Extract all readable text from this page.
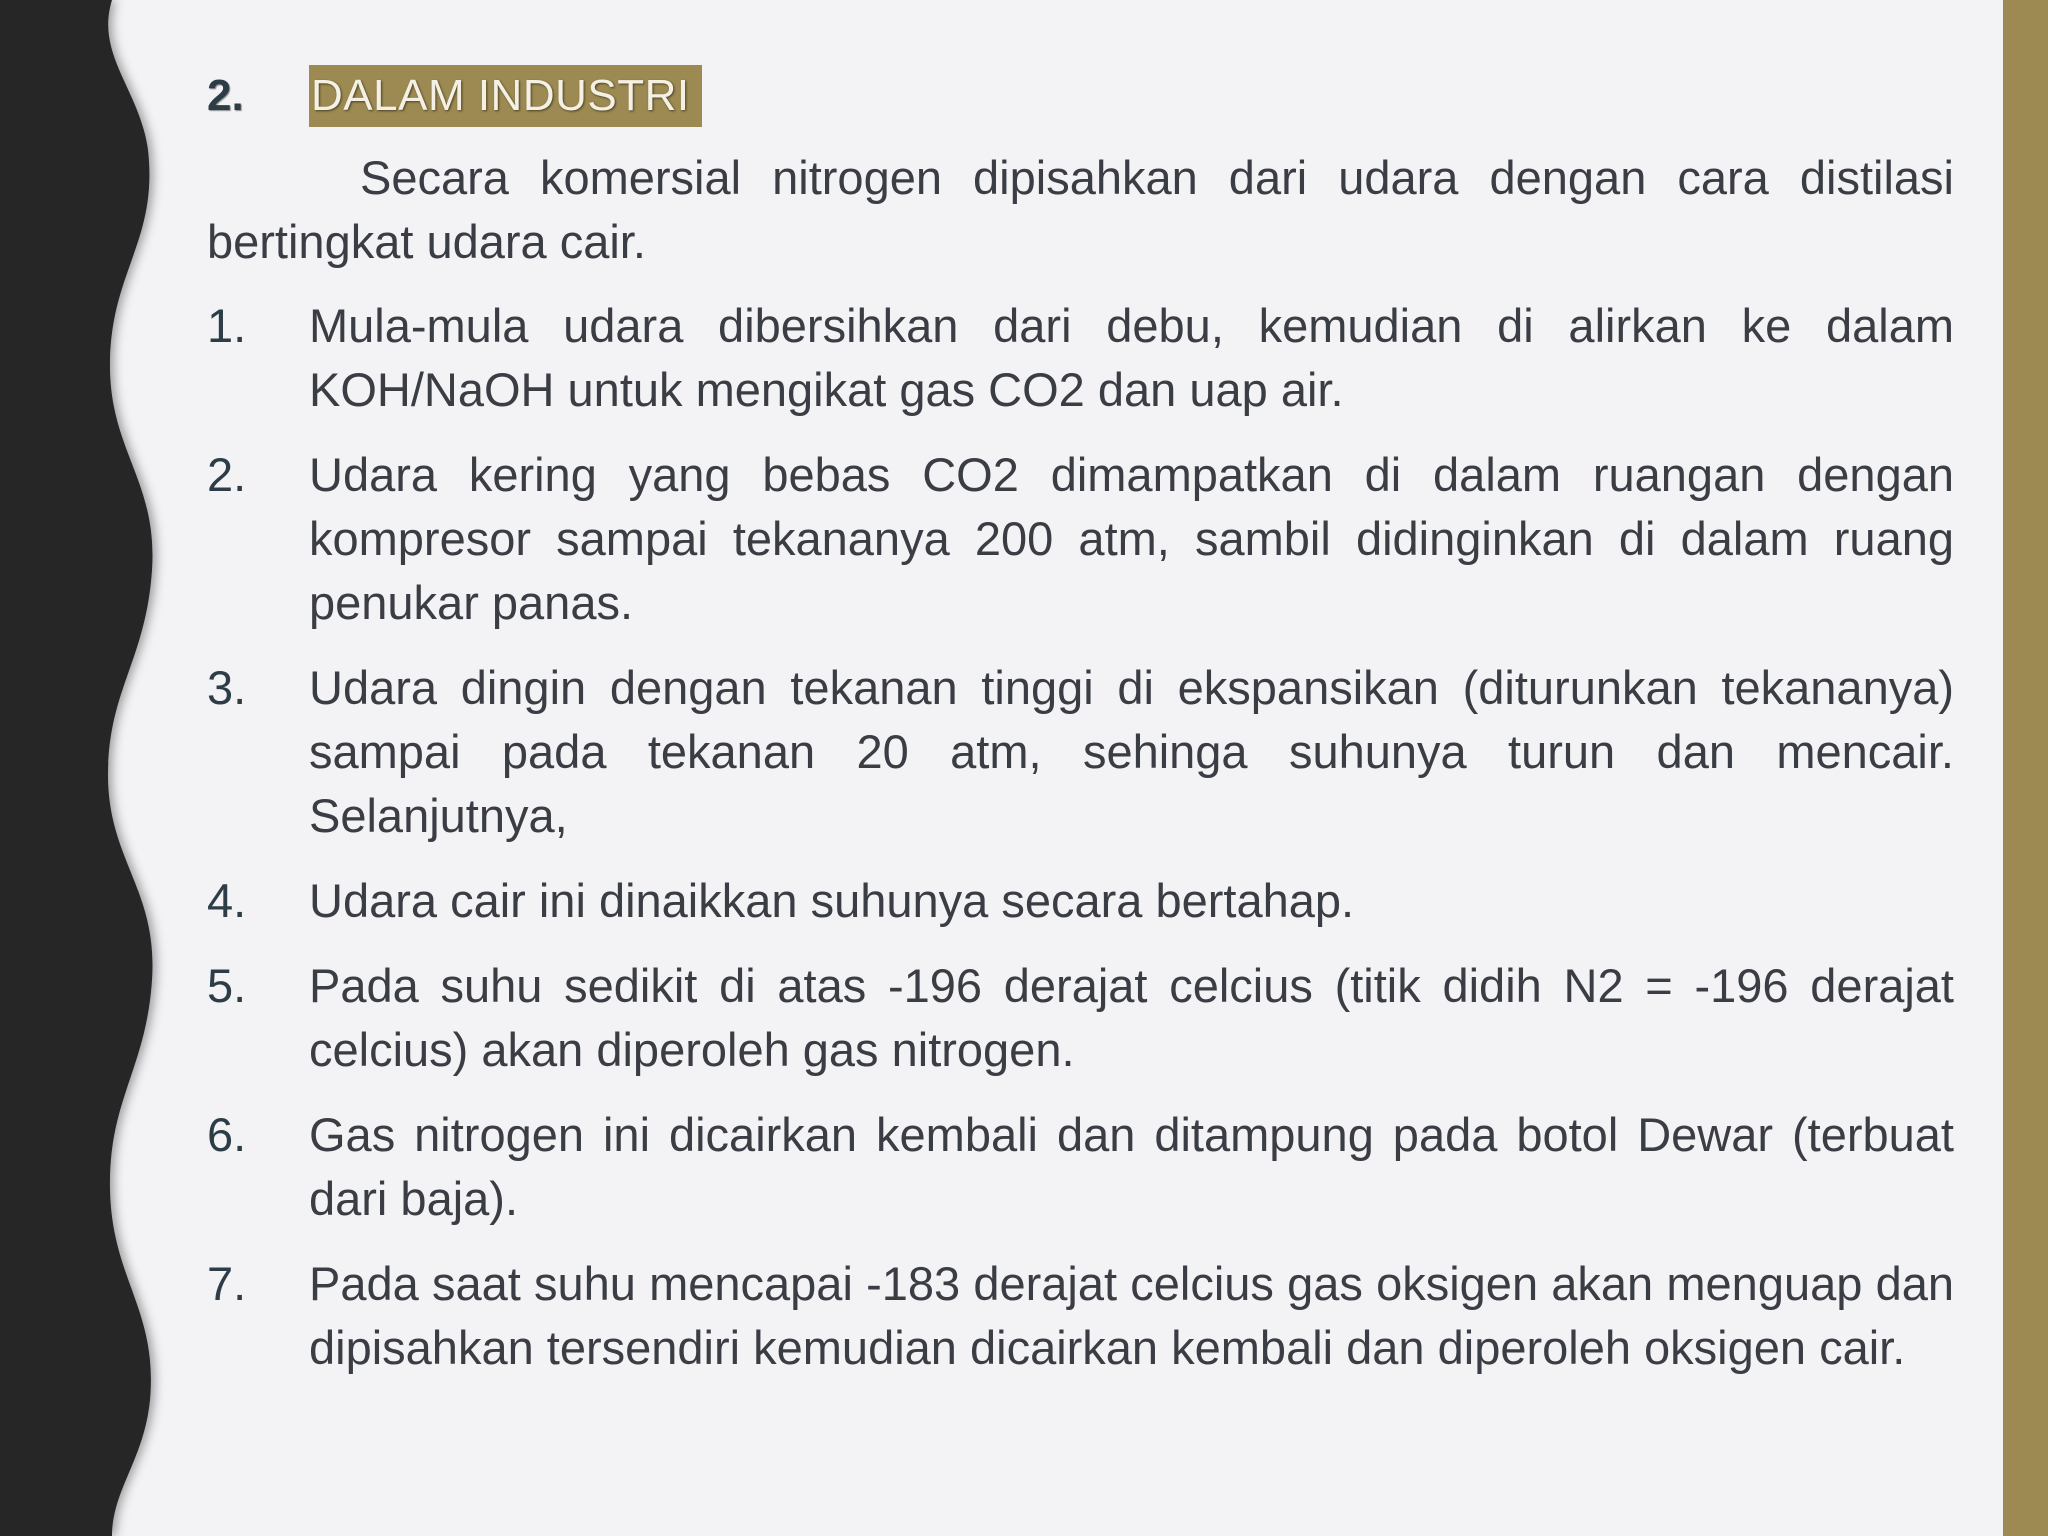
2.	DALAM INDUSTRI

Secara komersial nitrogen dipisahkan dari udara dengan cara distilasi bertingkat udara cair.

1.	Mula-mula udara dibersihkan dari debu, kemudian di alirkan ke dalam KOH/NaOH untuk mengikat gas CO2 dan uap air.
2.	Udara kering yang bebas CO2 dimampatkan di dalam ruangan dengan kompresor sampai tekananya 200 atm, sambil didinginkan di dalam ruang penukar panas.
3.	Udara dingin dengan tekanan tinggi di ekspansikan (diturunkan tekananya) sampai pada tekanan 20 atm, sehinga suhunya turun dan mencair. Selanjutnya,
4.	Udara cair ini dinaikkan suhunya secara bertahap.
5.	Pada suhu sedikit di atas -196 derajat celcius (titik didih N2 = -196 derajat celcius) akan diperoleh gas nitrogen.
6.	Gas nitrogen ini dicairkan kembali dan ditampung pada botol Dewar (terbuat dari baja).
7.	Pada saat suhu mencapai -183 derajat celcius gas oksigen akan menguap dan dipisahkan tersendiri kemudian dicairkan kembali dan diperoleh oksigen cair.
